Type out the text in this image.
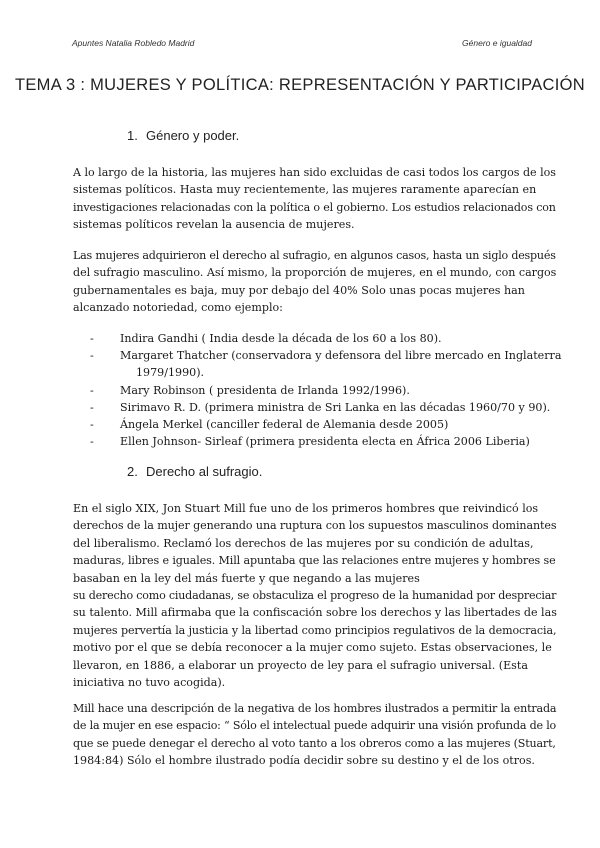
Apuntes Natalia Robledo Madrid	Género e igualdad
TEMA 3 : MUJERES Y POLÍTICA: REPRESENTACIÓN Y PARTICIPACIÓN
1. Género y poder.

A lo largo de la historia, las mujeres han sido excluidas de casi todos los cargos de los
sistemas políticos. Hasta muy recientemente, las mujeres raramente aparecían en
investigaciones relacionadas con la política o el gobierno. Los estudios relacionados con
sistemas políticos revelan la ausencia de mujeres.

Las mujeres adquirieron el derecho al sufragio, en algunos casos, hasta un siglo después
del sufragio masculino. Así mismo, la proporción de mujeres, en el mundo, con cargos
gubernamentales es baja, muy por debajo del 40% Solo unas pocas mujeres han
alcanzado notoriedad, como ejemplo:

- Indira Gandhi ( India desde la década de los 60 a los 80).
- Margaret Thatcher (conservadora y defensora del libre mercado en Inglaterra
1979/1990).
- Mary Robinson ( presidenta de Irlanda 1992/1996).
- Sirimavo R. D. (primera ministra de Sri Lanka en las décadas 1960/70 y 90).
- Ángela Merkel (canciller federal de Alemania desde 2005)
- Ellen Johnson- Sirleaf (primera presidenta electa en África 2006 Liberia)
2. Derecho al sufragio.

En el siglo XIX, Jon Stuart Mill fue uno de los primeros hombres que reivindicó los
derechos de la mujer generando una ruptura con los supuestos masculinos dominantes
del liberalismo. Reclamó los derechos de las mujeres por su condición de adultas,
maduras, libres e iguales. Mill apuntaba que las relaciones entre mujeres y hombres se
basaban en la ley del más fuerte y que negando a las mujeres
su derecho como ciudadanas, se obstaculiza el progreso de la humanidad por despreciar
su talento. Mill afirmaba que la confiscación sobre los derechos y las libertades de las
mujeres pervertía la justicia y la libertad como principios regulativos de la democracia,
motivo por el que se debía reconocer a la mujer como sujeto. Estas observaciones, le
llevaron, en 1886, a elaborar un proyecto de ley para el sufragio universal. (Esta
iniciativa no tuvo acogida).

Mill hace una descripción de la negativa de los hombres ilustrados a permitir la entrada
de la mujer en ese espacio: “ Sólo el intelectual puede adquirir una visión profunda de lo
que se puede denegar el derecho al voto tanto a los obreros como a las mujeres (Stuart,
1984:84) Sólo el hombre ilustrado podía decidir sobre su destino y el de los otros.
